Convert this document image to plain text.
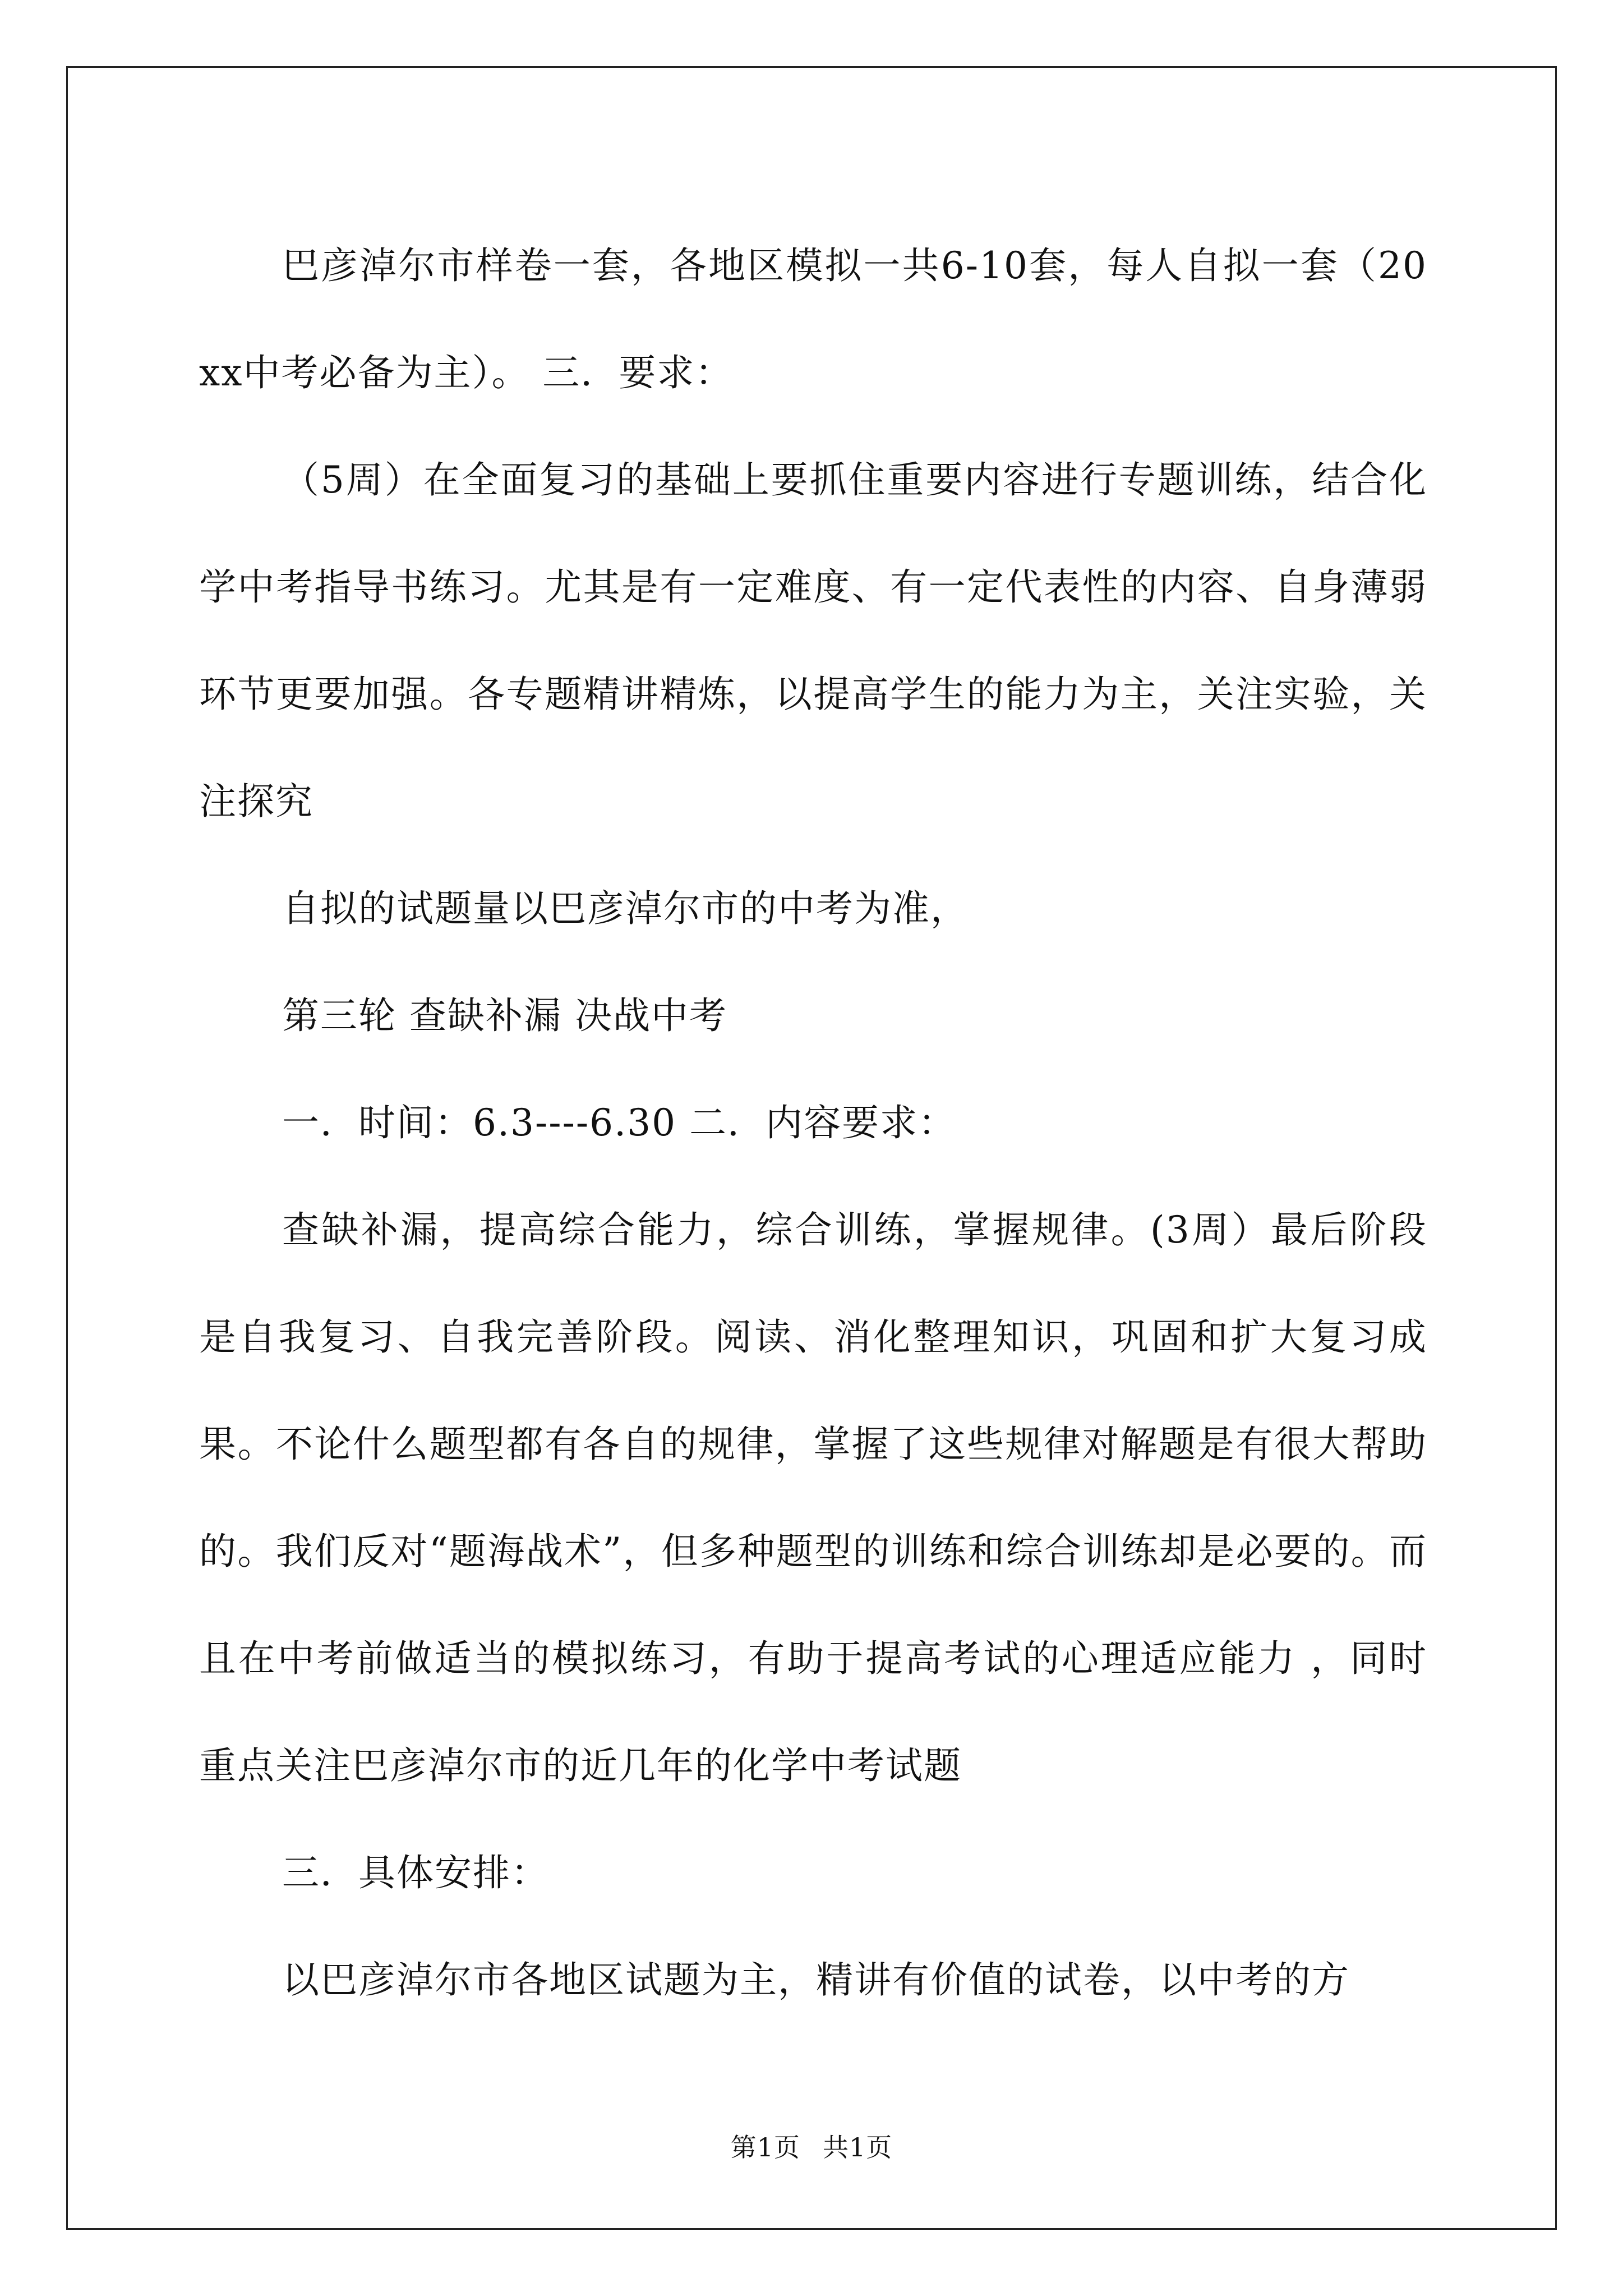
巴彦淖尔市样卷一套，各地区模拟一共6-10套，每人自拟一套（20xx中考必备为主）。 三．要求：

（5周）在全面复习的基础上要抓住重要内容进行专题训练，结合化学中考指导书练习。尤其是有一定难度、有一定代表性的内容、自身薄弱环节更要加强。各专题精讲精炼，以提高学生的能力为主，关注实验，关注探究

自拟的试题量以巴彦淖尔市的中考为准，

第三轮 查缺补漏 决战中考

一．时间：6.3----6.30 二．内容要求：

查缺补漏，提高综合能力，综合训练，掌握规律。(3周）最后阶段是自我复习、自我完善阶段。阅读、消化整理知识，巩固和扩大复习成果。不论什么题型都有各自的规律，掌握了这些规律对解题是有很大帮助的。我们反对“题海战术”，但多种题型的训练和综合训练却是必要的。而且在中考前做适当的模拟练习，有助于提高考试的心理适应能力 ，同时重点关注巴彦淖尔市的近几年的化学中考试题

三．具体安排：

以巴彦淖尔市各地区试题为主，精讲有价值的试卷，以中考的方

第1页 共1页
